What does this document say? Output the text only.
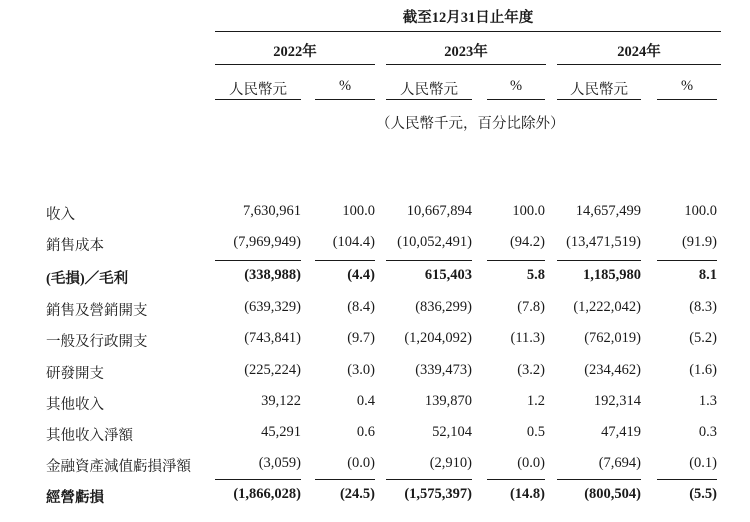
截至12月31日止年度
2022年	2023年	2024年
人民幣元	%	人民幣元	%	人民幣元	%
（人民幣千元，百分比除外）
收入	7,630,961	100.0	10,667,894	100.0	14,657,499	100.0
銷售成本	(7,969,949)	(104.4)	(10,052,491)	(94.2)	(13,471,519)	(91.9)
(毛損)／毛利	(338,988)	(4.4)	615,403	5.8	1,185,980	8.1
銷售及營銷開支	(639,329)	(8.4)	(836,299)	(7.8)	(1,222,042)	(8.3)
一般及行政開支	(743,841)	(9.7)	(1,204,092)	(11.3)	(762,019)	(5.2)
研發開支	(225,224)	(3.0)	(339,473)	(3.2)	(234,462)	(1.6)
其他收入	39,122	0.4	139,870	1.2	192,314	1.3
其他收入淨額	45,291	0.6	52,104	0.5	47,419	0.3
金融資產減值虧損淨額	(3,059)	(0.0)	(2,910)	(0.0)	(7,694)	(0.1)
經營虧損	(1,866,028)	(24.5)	(1,575,397)	(14.8)	(800,504)	(5.5)
